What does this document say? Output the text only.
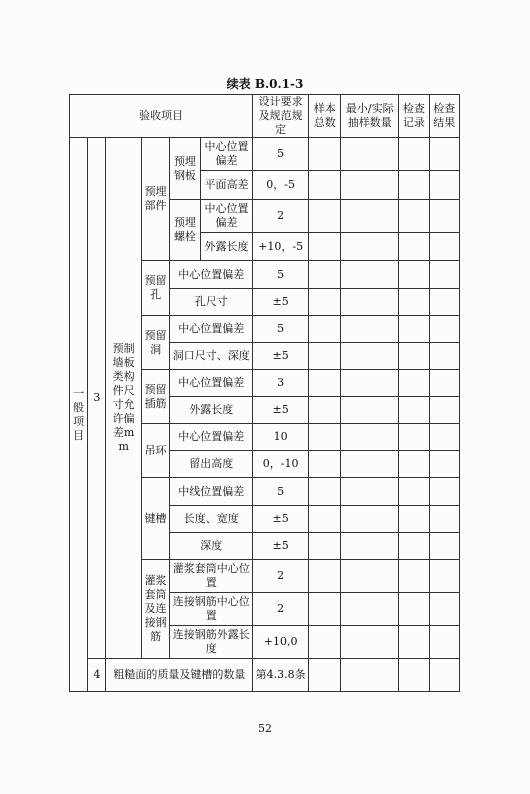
续表 B.0.1-3
验收项目						设计要求及规范规定	样本总数	最小/实际抽样数量	检查记录	检查结果
一般项目	3	预制墙板类构件尺寸允许偏差mm	预埋部件	预埋钢板	中心位置偏差	5				
					平面高差	0，-5				
				预埋螺栓	中心位置偏差	2				
					外露长度	+10，-5				
			预留孔	中心位置偏差		5				
				孔尺寸		±5				
			预留洞	中心位置偏差		5				
				洞口尺寸、深度		±5				
			预留插筋	中心位置偏差		3				
				外露长度		±5				
			吊环	中心位置偏差		10				
				留出高度		0，-10				
			键槽	中线位置偏差		5				
				长度、宽度		±5				
				深度		±5				
			灌浆套筒及连接钢筋	灌浆套筒中心位置		2				
				连接钢筋中心位置		2				
				连接钢筋外露长度		+10,0				
	4	粗糙面的质量及键槽的数量				第4.3.8条				
52
